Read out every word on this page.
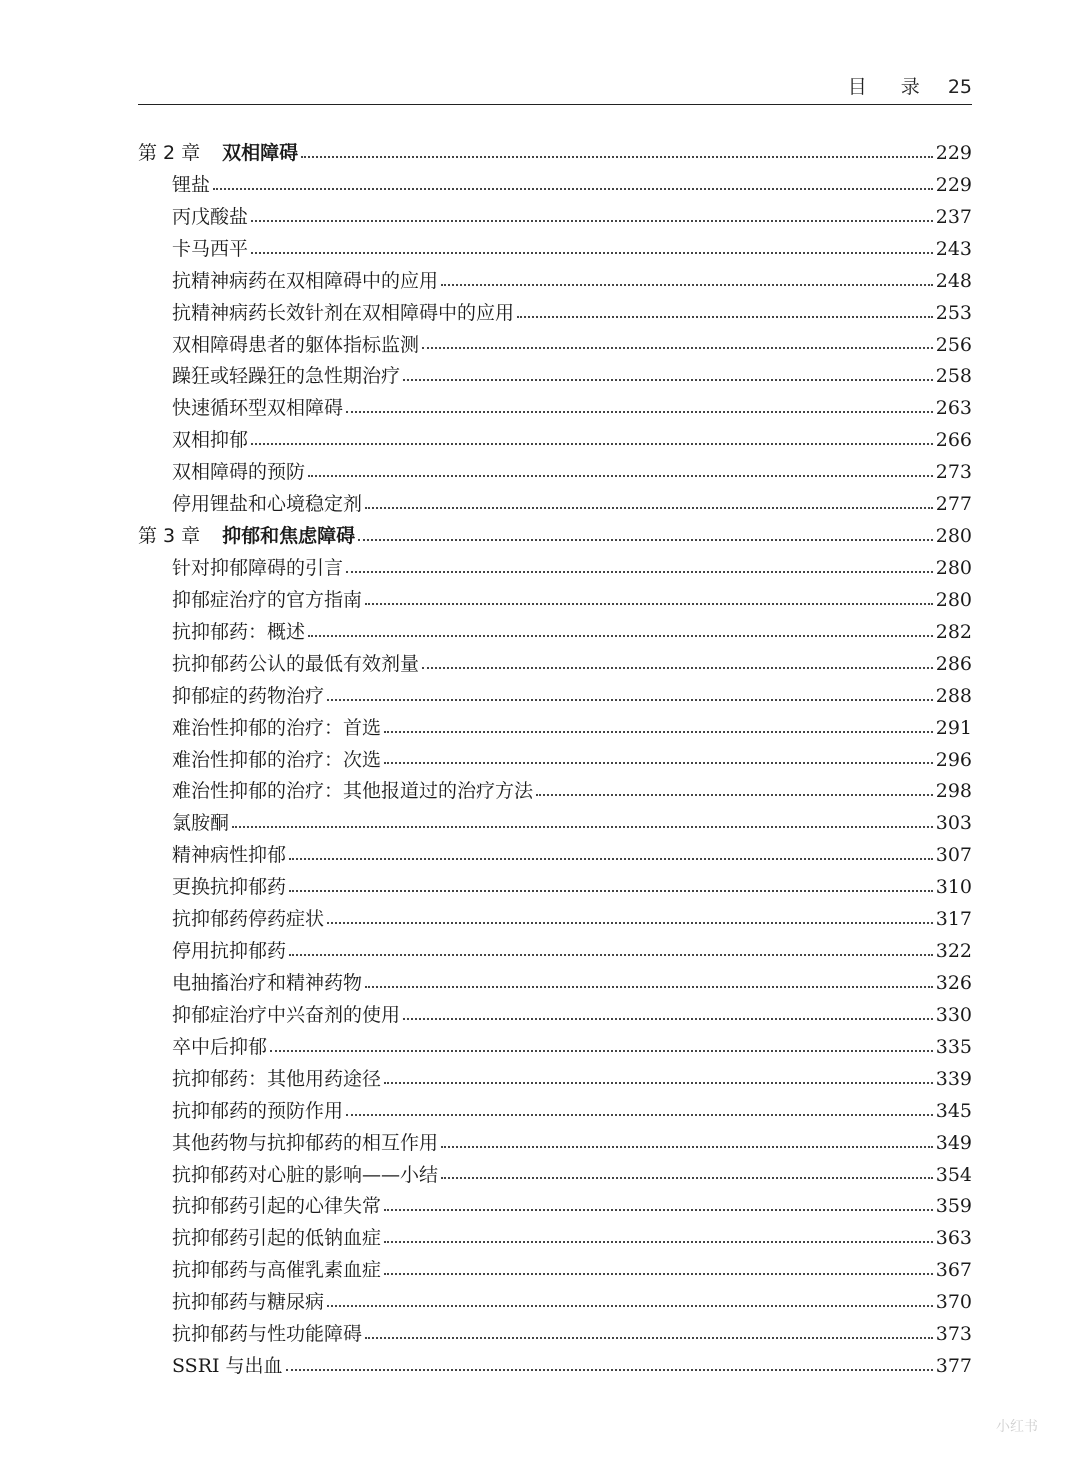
目 录 25
第 2 章 双相障碍	229
锂盐	229
丙戊酸盐	237
卡马西平	243
抗精神病药在双相障碍中的应用	248
抗精神病药长效针剂在双相障碍中的应用	253
双相障碍患者的躯体指标监测	256
躁狂或轻躁狂的急性期治疗	258
快速循环型双相障碍	263
双相抑郁	266
双相障碍的预防	273
停用锂盐和心境稳定剂	277
第 3 章 抑郁和焦虑障碍	280
针对抑郁障碍的引言	280
抑郁症治疗的官方指南	280
抗抑郁药：概述	282
抗抑郁药公认的最低有效剂量	286
抑郁症的药物治疗	288
难治性抑郁的治疗：首选	291
难治性抑郁的治疗：次选	296
难治性抑郁的治疗：其他报道过的治疗方法	298
氯胺酮	303
精神病性抑郁	307
更换抗抑郁药	310
抗抑郁药停药症状	317
停用抗抑郁药	322
电抽搐治疗和精神药物	326
抑郁症治疗中兴奋剂的使用	330
卒中后抑郁	335
抗抑郁药：其他用药途径	339
抗抑郁药的预防作用	345
其他药物与抗抑郁药的相互作用	349
抗抑郁药对心脏的影响——小结	354
抗抑郁药引起的心律失常	359
抗抑郁药引起的低钠血症	363
抗抑郁药与高催乳素血症	367
抗抑郁药与糖尿病	370
抗抑郁药与性功能障碍	373
SSRI 与出血	377
小红书
